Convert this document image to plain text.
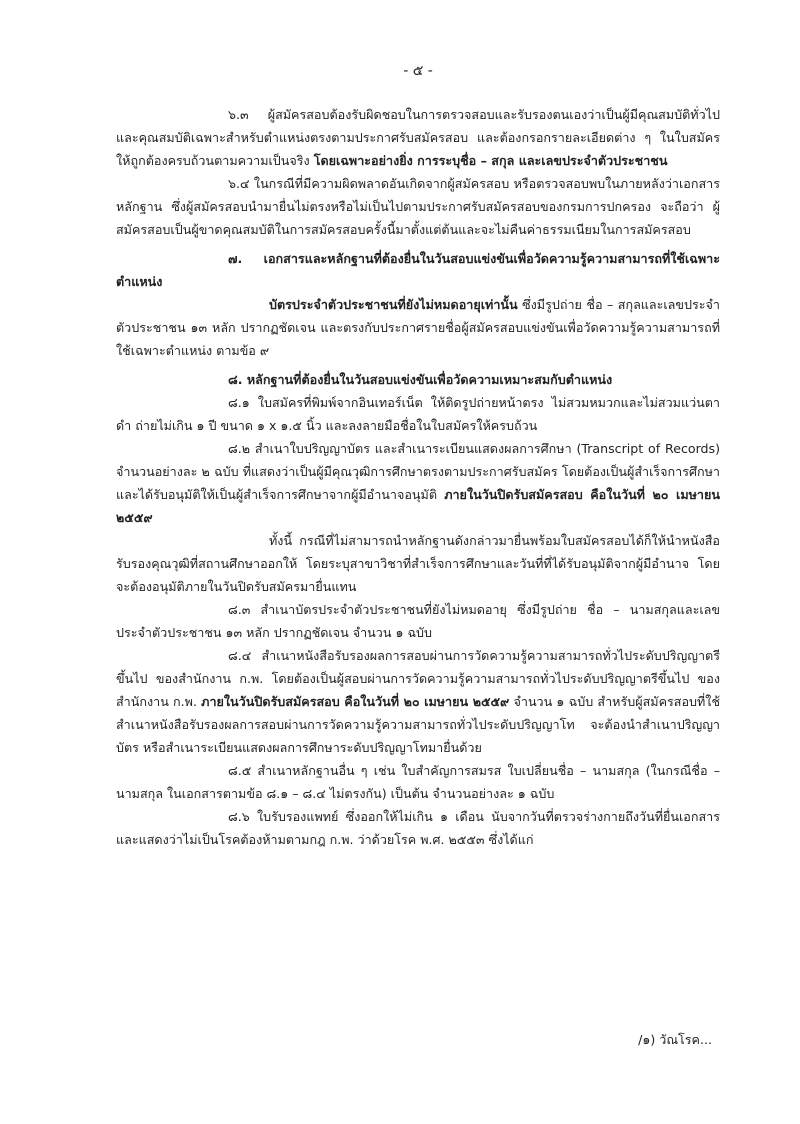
- ๕ -

๖.๓ ผู้สมัครสอบต้องรับผิดชอบในการตรวจสอบและรับรองตนเองว่าเป็นผู้มีคุณสมบัติทั่วไปและคุณสมบัติเฉพาะสำหรับตำแหน่งตรงตามประกาศรับสมัครสอบ และต้องกรอกรายละเอียดต่าง ๆ ในใบสมัครให้ถูกต้องครบถ้วนตามความเป็นจริง โดยเฉพาะอย่างยิ่ง การระบุชื่อ – สกุล และเลขประจำตัวประชาชน

๖.๔ ในกรณีที่มีความผิดพลาดอันเกิดจากผู้สมัครสอบ หรือตรวจสอบพบในภายหลังว่าเอกสารหลักฐาน ซึ่งผู้สมัครสอบนำมายื่นไม่ตรงหรือไม่เป็นไปตามประกาศรับสมัครสอบของกรมการปกครอง จะถือว่า ผู้สมัครสอบเป็นผู้ขาดคุณสมบัติในการสมัครสอบครั้งนี้มาตั้งแต่ต้นและจะไม่คืนค่าธรรมเนียมในการสมัครสอบ

๗. เอกสารและหลักฐานที่ต้องยื่นในวันสอบแข่งขันเพื่อวัดความรู้ความสามารถที่ใช้เฉพาะตำแหน่ง

บัตรประจำตัวประชาชนที่ยังไม่หมดอายุเท่านั้น ซึ่งมีรูปถ่าย ชื่อ – สกุลและเลขประจำตัวประชาชน ๑๓ หลัก ปรากฏชัดเจน และตรงกับประกาศรายชื่อผู้สมัครสอบแข่งขันเพื่อวัดความรู้ความสามารถที่ใช้เฉพาะตำแหน่ง ตามข้อ ๙

๘. หลักฐานที่ต้องยื่นในวันสอบแข่งขันเพื่อวัดความเหมาะสมกับตำแหน่ง

๘.๑ ใบสมัครที่พิมพ์จากอินเทอร์เน็ต ให้ติดรูปถ่ายหน้าตรง ไม่สวมหมวกและไม่สวมแว่นตาดำ ถ่ายไม่เกิน ๑ ปี ขนาด ๑ x ๑.๕ นิ้ว และลงลายมือชื่อในใบสมัครให้ครบถ้วน

๘.๒ สำเนาใบปริญญาบัตร และสำเนาระเบียนแสดงผลการศึกษา (Transcript of Records) จำนวนอย่างละ ๒ ฉบับ ที่แสดงว่าเป็นผู้มีคุณวุฒิการศึกษาตรงตามประกาศรับสมัคร โดยต้องเป็นผู้สำเร็จการศึกษาและได้รับอนุมัติให้เป็นผู้สำเร็จการศึกษาจากผู้มีอำนาจอนุมัติ ภายในวันปิดรับสมัครสอบ คือในวันที่ ๒๐ เมษายน ๒๕๕๙

ทั้งนี้ กรณีที่ไม่สามารถนำหลักฐานดังกล่าวมายื่นพร้อมใบสมัครสอบได้ก็ให้นำหนังสือรับรองคุณวุฒิที่สถานศึกษาออกให้ โดยระบุสาขาวิชาที่สำเร็จการศึกษาและวันที่ที่ได้รับอนุมัติจากผู้มีอำนาจ โดยจะต้องอนุมัติภายในวันปิดรับสมัครมายื่นแทน

๘.๓ สำเนาบัตรประจำตัวประชาชนที่ยังไม่หมดอายุ ซึ่งมีรูปถ่าย ชื่อ – นามสกุลและเลขประจำตัวประชาชน ๑๓ หลัก ปรากฏชัดเจน จำนวน ๑ ฉบับ

๘.๔ สำเนาหนังสือรับรองผลการสอบผ่านการวัดความรู้ความสามารถทั่วไประดับปริญญาตรีขึ้นไป ของสำนักงาน ก.พ. โดยต้องเป็นผู้สอบผ่านการวัดความรู้ความสามารถทั่วไประดับปริญญาตรีขึ้นไป ของสำนักงาน ก.พ. ภายในวันปิดรับสมัครสอบ คือในวันที่ ๒๐ เมษายน ๒๕๕๙ จำนวน ๑ ฉบับ สำหรับผู้สมัครสอบที่ใช้สำเนาหนังสือรับรองผลการสอบผ่านการวัดความรู้ความสามารถทั่วไประดับปริญญาโท จะต้องนำสำเนาปริญญาบัตร หรือสำเนาระเบียนแสดงผลการศึกษาระดับปริญญาโทมายื่นด้วย

๘.๕ สำเนาหลักฐานอื่น ๆ เช่น ใบสำคัญการสมรส ใบเปลี่ยนชื่อ – นามสกุล (ในกรณีชื่อ – นามสกุล ในเอกสารตามข้อ ๘.๑ – ๘.๔ ไม่ตรงกัน) เป็นต้น จำนวนอย่างละ ๑ ฉบับ

๘.๖ ใบรับรองแพทย์ ซึ่งออกให้ไม่เกิน ๑ เดือน นับจากวันที่ตรวจร่างกายถึงวันที่ยื่นเอกสาร และแสดงว่าไม่เป็นโรคต้องห้ามตามกฎ ก.พ. ว่าด้วยโรค พ.ศ. ๒๕๕๓ ซึ่งได้แก่

/๑) วัณโรค...
